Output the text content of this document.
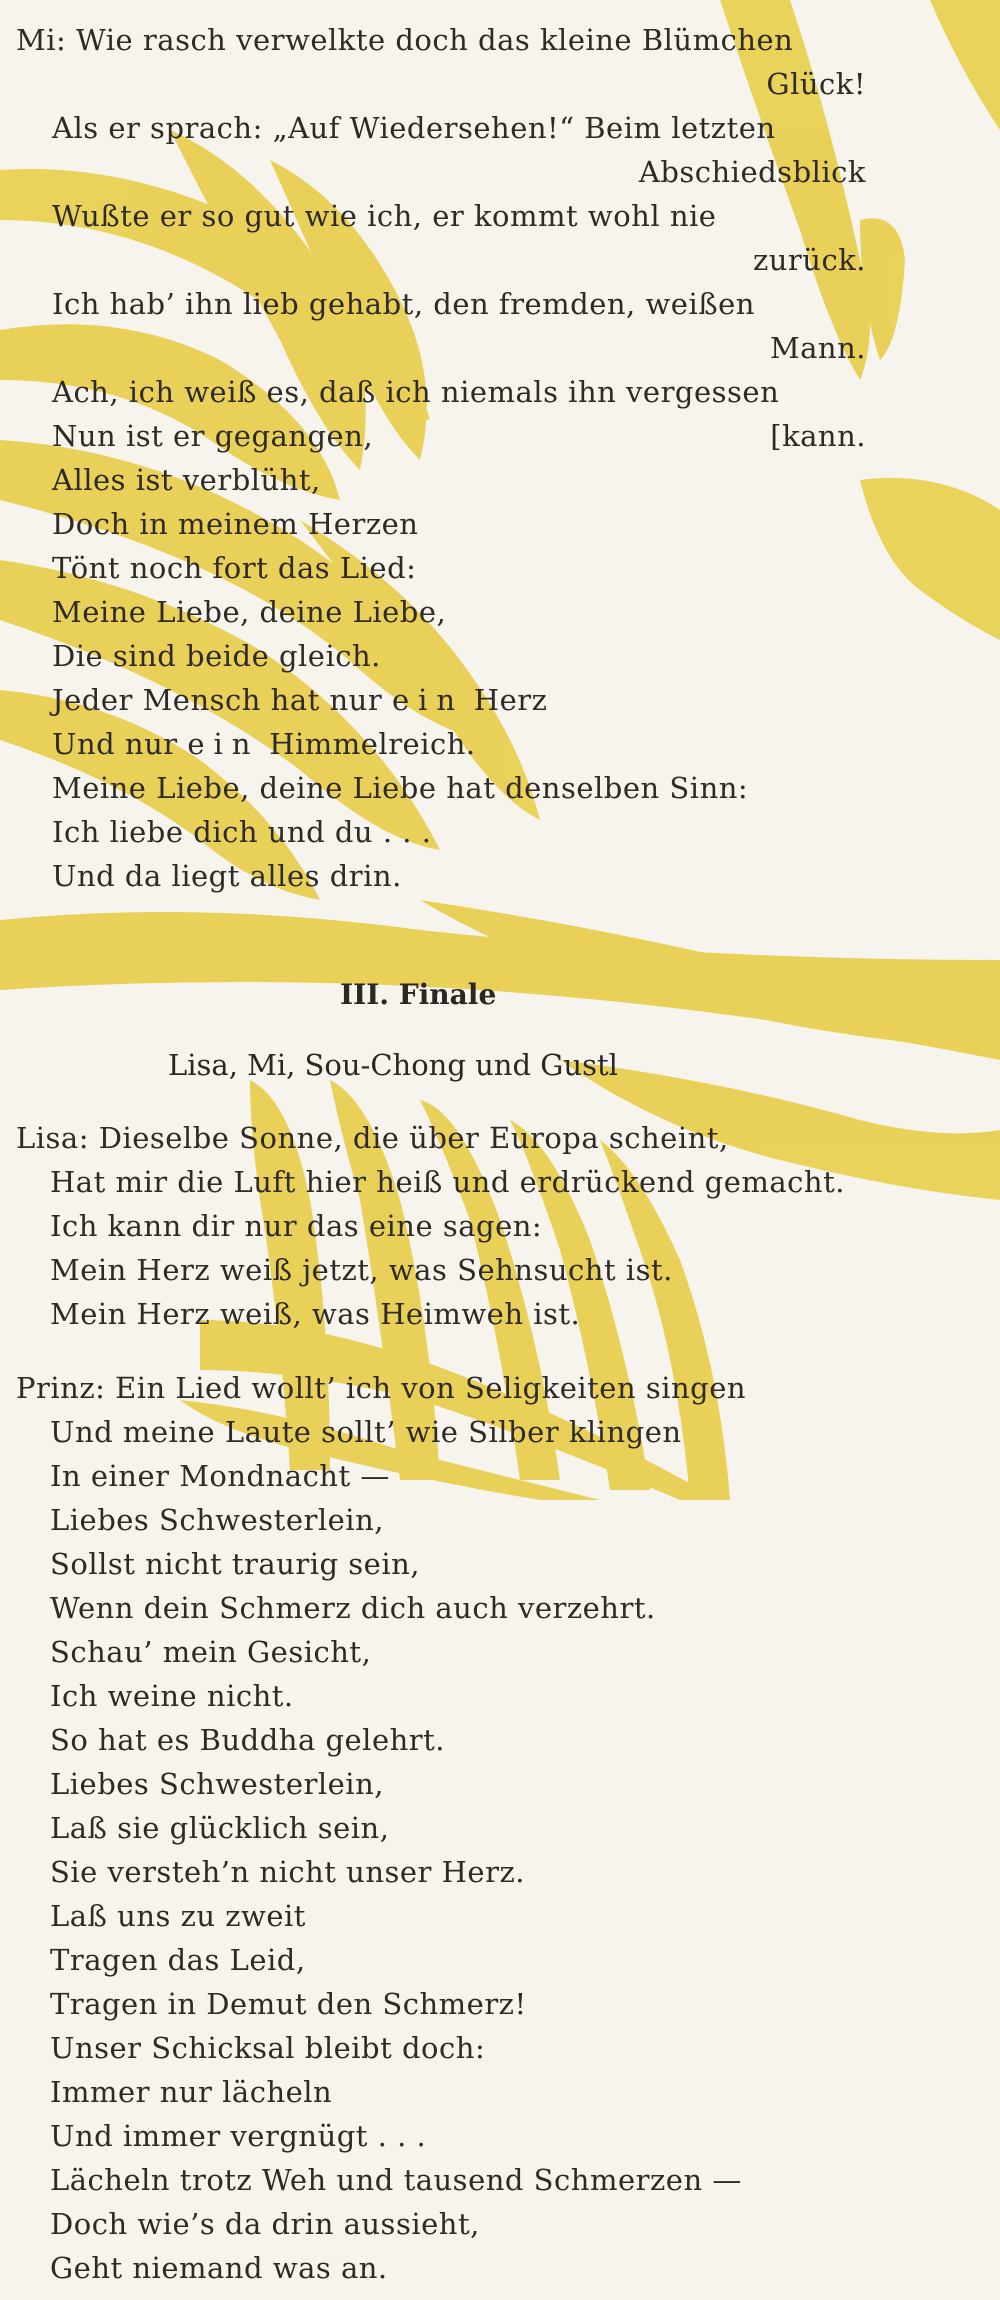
Mi: Wie rasch verwelkte doch das kleine Blümchen
Glück!
Als er sprach: „Auf Wiedersehen!“ Beim letzten
Abschiedsblick
Wußte er so gut wie ich, er kommt wohl nie
zurück.
Ich hab’ ihn lieb gehabt, den fremden, weißen
Mann.
Ach, ich weiß es, daß ich niemals ihn vergessen
Nun ist er gegangen,	[kann.
Alles ist verblüht,
Doch in meinem Herzen
Tönt noch fort das Lied:
Meine Liebe, deine Liebe,
Die sind beide gleich.
Jeder Mensch hat nur ein Herz
Und nur ein Himmelreich.
Meine Liebe, deine Liebe hat denselben Sinn:
Ich liebe dich und du . . .
Und da liegt alles drin.
III. Finale
Lisa, Mi, Sou-Chong und Gustl
Lisa: Dieselbe Sonne, die über Europa scheint,
Hat mir die Luft hier heiß und erdrückend gemacht.
Ich kann dir nur das eine sagen:
Mein Herz weiß jetzt, was Sehnsucht ist.
Mein Herz weiß, was Heimweh ist.
Prinz: Ein Lied wollt’ ich von Seligkeiten singen
Und meine Laute sollt’ wie Silber klingen
In einer Mondnacht —
Liebes Schwesterlein,
Sollst nicht traurig sein,
Wenn dein Schmerz dich auch verzehrt.
Schau’ mein Gesicht,
Ich weine nicht.
So hat es Buddha gelehrt.
Liebes Schwesterlein,
Laß sie glücklich sein,
Sie versteh’n nicht unser Herz.
Laß uns zu zweit
Tragen das Leid,
Tragen in Demut den Schmerz!
Unser Schicksal bleibt doch:
Immer nur lächeln
Und immer vergnügt . . .
Lächeln trotz Weh und tausend Schmerzen —
Doch wie’s da drin aussieht,
Geht niemand was an.
